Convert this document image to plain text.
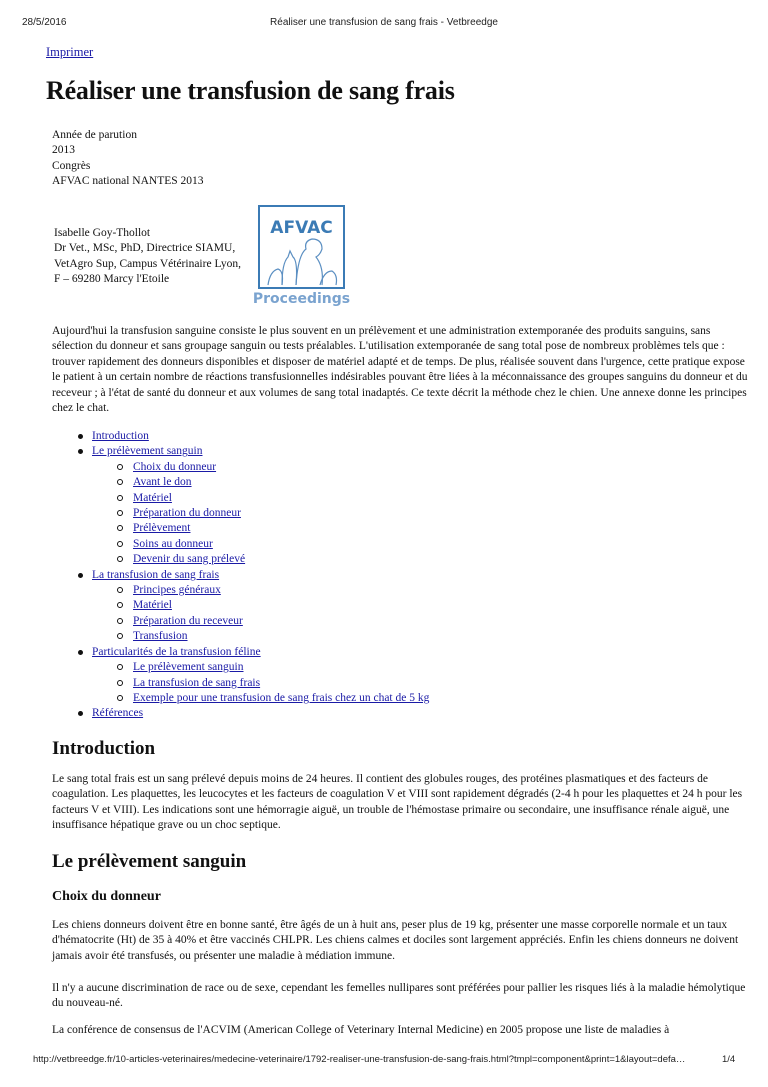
28/5/2016	Réaliser une transfusion de sang frais - Vetbreedge
Imprimer
Réaliser une transfusion de sang frais
Année de parution
2013
Congrès
AFVAC national NANTES 2013
Isabelle Goy-Thollot
Dr Vet., MSc, PhD, Directrice SIAMU,
VetAgro Sup, Campus Vétérinaire Lyon,
F – 69280 Marcy l'Etoile
AFVAC
Proceedings

Aujourd'hui la transfusion sanguine consiste le plus souvent en un prélèvement et une administration extemporanée des produits sanguins, sans sélection du donneur et sans groupage sanguin ou tests préalables. L'utilisation extemporanée de sang total pose de nombreux problèmes tels que : trouver rapidement des donneurs disponibles et disposer de matériel adapté et de temps. De plus, réalisée souvent dans l'urgence, cette pratique expose le patient à un certain nombre de réactions transfusionnelles indésirables pouvant être liées à la méconnaissance des groupes sanguins du donneur et du receveur ; à l'état de santé du donneur et aux volumes de sang total inadaptés. Ce texte décrit la méthode chez le chien. Une annexe donne les principes chez le chat.

Introduction
Le prélèvement sanguin
Choix du donneur
Avant le don
Matériel
Préparation du donneur
Prélèvement
Soins au donneur
Devenir du sang prélevé
La transfusion de sang frais
Principes généraux
Matériel
Préparation du receveur
Transfusion
Particularités de la transfusion féline
Le prélèvement sanguin
La transfusion de sang frais
Exemple pour une transfusion de sang frais chez un chat de 5 kg
Références
Introduction

Le sang total frais est un sang prélevé depuis moins de 24 heures. Il contient des globules rouges, des protéines plasmatiques et des facteurs de coagulation. Les plaquettes, les leucocytes et les facteurs de coagulation V et VIII sont rapidement dégradés (2-4 h pour les plaquettes et 24 h pour les facteurs V et VIII). Les indications sont une hémorragie aiguë, un trouble de l'hémostase primaire ou secondaire, une insuffisance rénale aiguë, une insuffisance hépatique grave ou un choc septique.

Le prélèvement sanguin
Choix du donneur

Les chiens donneurs doivent être en bonne santé, être âgés de un à huit ans, peser plus de 19 kg, présenter une masse corporelle normale et un taux d'hématocrite (Ht) de 35 à 40% et être vaccinés CHLPR. Les chiens calmes et dociles sont largement appréciés. Enfin les chiens donneurs ne doivent jamais avoir été transfusés, ou présenter une maladie à médiation immune.

Il n'y a aucune discrimination de race ou de sexe, cependant les femelles nullipares sont préférées pour pallier les risques liés à la maladie hémolytique du nouveau-né.

La conférence de consensus de l'ACVIM (American College of Veterinary Internal Medicine) en 2005 propose une liste de maladies à

http://vetbreedge.fr/10-articles-veterinaires/medecine-veterinaire/1792-realiser-une-transfusion-de-sang-frais.html?tmpl=component&print=1&layout=defa…	1/4
